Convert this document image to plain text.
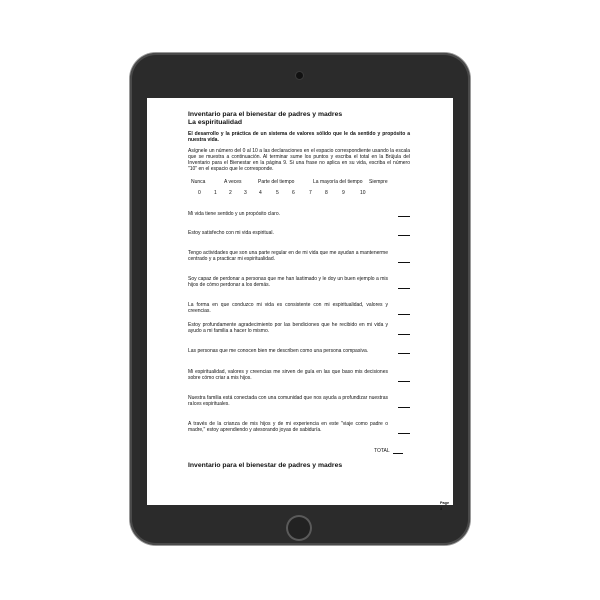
Inventario para el bienestar de padres y madres
La espiritualidad
El desarrollo y la práctica de un sistema de valores sólido que le da sentido y propósito a nuestra vida.
Asígnele un número del 0 al 10 a las declaraciones en el espacio correspondiente usando la escala que se muestra a continuación. Al terminar sume los puntos y escriba el total en la Brújula del Inventario para el Bienestar en la página 9. Si una frase no aplica en su vida, escriba el número "10" en el espacio que le corresponde.
Nunca	A veces	Parte del tiempo	La mayoría del tiempo Siempre
0	1 2 3 4	5	6	7	8	9	10
Mi vida tiene sentido y un propósito claro.
Estoy satisfecho con mi vida espiritual.
Tengo actividades que son una parte regular en de mi vida que me ayudan a mantenerme centrado y a practicar mi espiritualidad.
Soy capaz de perdonar a personas que me han lastimado y le doy un buen ejemplo a mis hijos de cómo perdonar a los demás.
La forma en que conduzco mi vida es consistente con mi espiritualidad, valores y creencias.
Estoy profundamente agradecimiento por las bendiciones que he recibido en mi vida y ayudo a mi familia a hacer lo mismo.
Las personas que me conocen bien me describen como una persona compasiva.
Mi espiritualidad, valores y creencias me sirven de guía en las que baso mis decisiones sobre cómo criar a mis hijos.
Nuestra familia está conectada con una comunidad que nos ayuda a profundizar nuestras raíces espirituales.
A través de la crianza de mis hijos y de mi experiencia en este "viaje como padre o madre," estoy aprendiendo y atesorando joyas de sabiduría.
TOTAL
Inventario para el bienestar de padres y madres
Page 3
